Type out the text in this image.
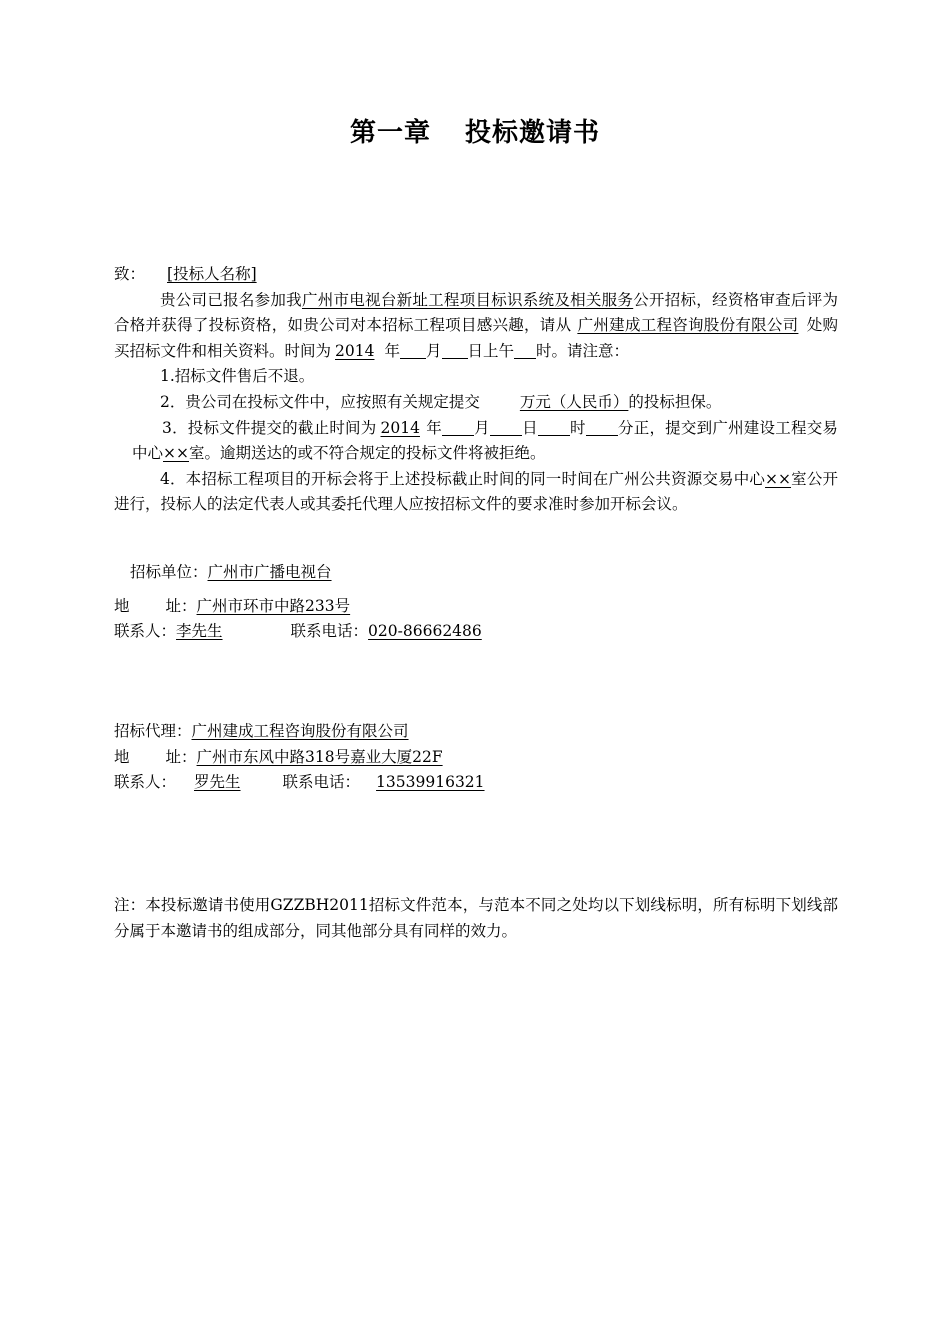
第一章 投标邀请书

致： [投标人名称]

贵公司已报名参加我广州市电视台新址工程项目标识系统及相关服务公开招标，经资格审查后评为合格并获得了投标资格，如贵公司对本招标工程项目感兴趣，请从 广州建成工程咨询股份有限公司 处购买招标文件和相关资料。时间为 2014 年 月 日上午 时。请注意：

1.招标文件售后不退。

2．贵公司在投标文件中，应按照有关规定提交	万元（人民币）的投标担保。

3．投标文件提交的截止时间为 2014 年 月 日 时 分正，提交到广州建设工程交易中心××室。逾期送达的或不符合规定的投标文件将被拒绝。

4．本招标工程项目的开标会将于上述投标截止时间的同一时间在广州公共资源交易中心××室公开进行，投标人的法定代表人或其委托代理人应按招标文件的要求准时参加开标会议。

招标单位：广州市广播电视台

地 址：广州市环市中路233号

联系人：李先生	联系电话：020-86662486

招标代理：广州建成工程咨询股份有限公司

地 址：广州市东风中路318号嘉业大厦22F

联系人： 罗先生	联系电话： 13539916321

注：本投标邀请书使用GZZBH2011招标文件范本，与范本不同之处均以下划线标明，所有标明下划线部分属于本邀请书的组成部分，同其他部分具有同样的效力。
